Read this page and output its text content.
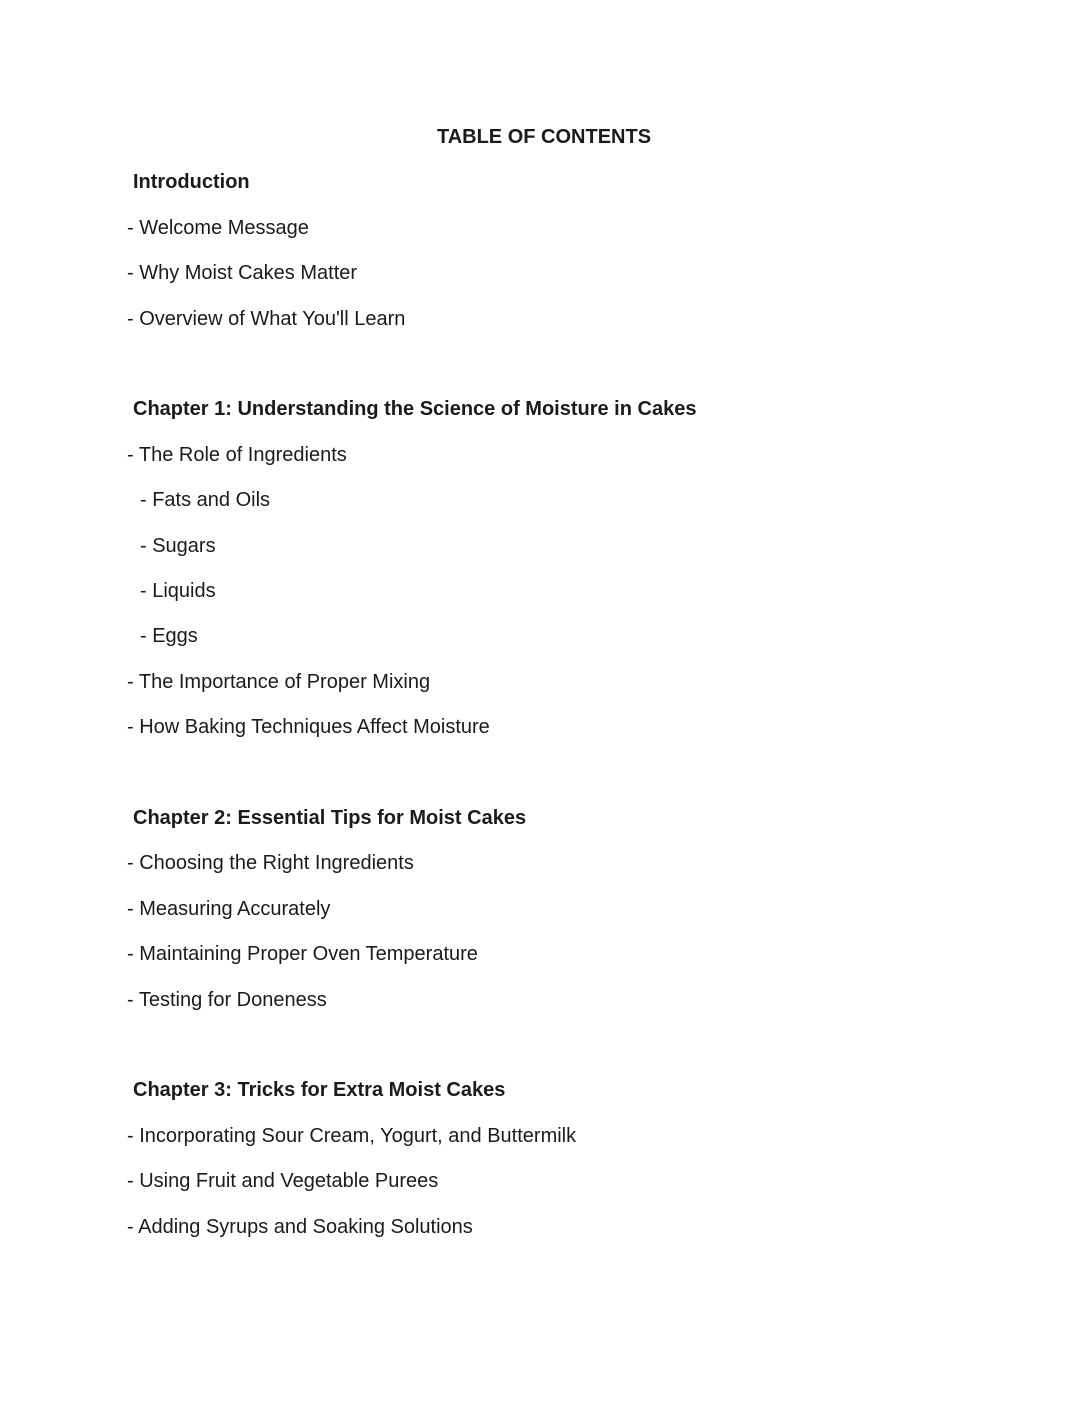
TABLE OF CONTENTS
Introduction

- Welcome Message

- Why Moist Cakes Matter

- Overview of What You'll Learn

Chapter 1: Understanding the Science of Moisture in Cakes

- The Role of Ingredients

- Fats and Oils

- Sugars

- Liquids

- Eggs

- The Importance of Proper Mixing

- How Baking Techniques Affect Moisture

Chapter 2: Essential Tips for Moist Cakes

- Choosing the Right Ingredients

- Measuring Accurately

- Maintaining Proper Oven Temperature

- Testing for Doneness

Chapter 3: Tricks for Extra Moist Cakes

- Incorporating Sour Cream, Yogurt, and Buttermilk

- Using Fruit and Vegetable Purees

- Adding Syrups and Soaking Solutions
